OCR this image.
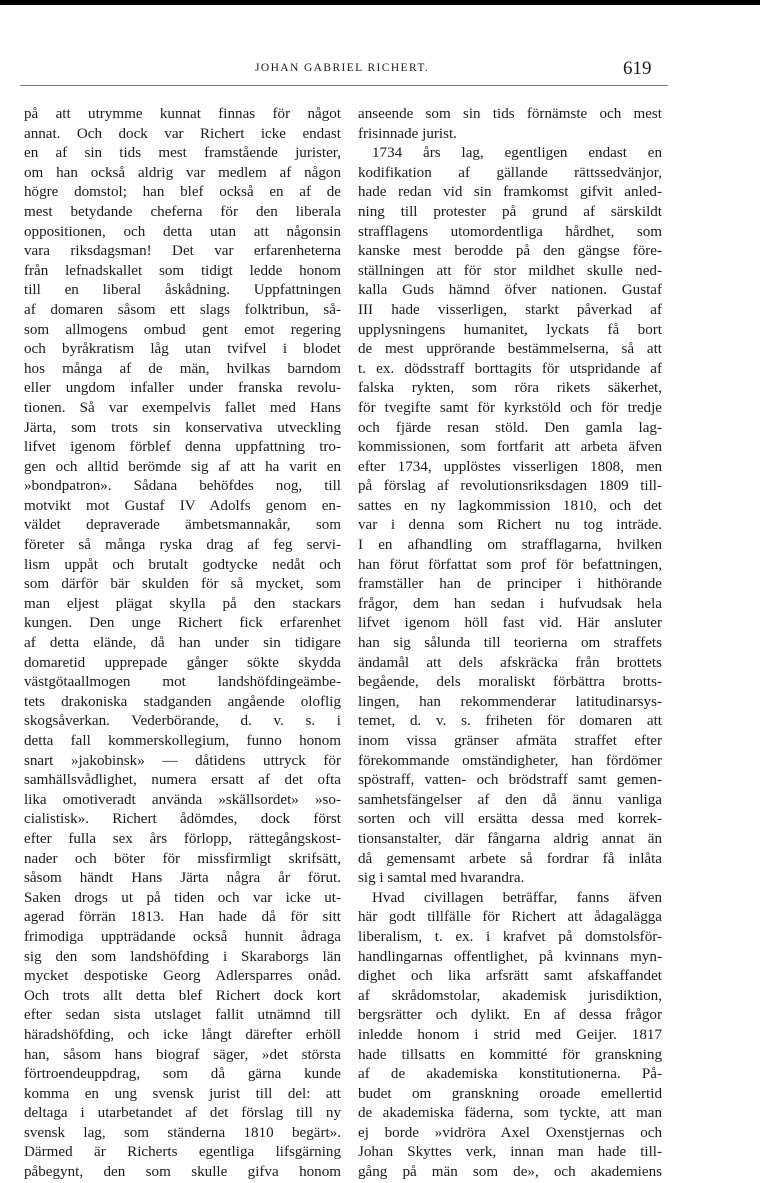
JOHAN GABRIEL RICHERT.	619

på att utrymme kunnat finnas för något

annat. Och dock var Richert icke endast

en af sin tids mest framstående jurister,

om han också aldrig var medlem af någon

högre domstol; han blef också en af de

mest betydande cheferna för den liberala

oppositionen, och detta utan att någonsin

vara riksdagsman! Det var erfarenheterna

från lefnadskallet som tidigt ledde honom

till en liberal åskådning. Uppfattningen

af domaren såsom ett slags folktribun, så-

som allmogens ombud gent emot regering

och byråkratism låg utan tvifvel i blodet

hos många af de män, hvilkas barndom

eller ungdom infaller under franska revolu-

tionen. Så var exempelvis fallet med Hans

Järta, som trots sin konservativa utveckling

lifvet igenom förblef denna uppfattning tro-

gen och alltid berömde sig af att ha varit en

»bondpatron». Sådana behöfdes nog, till

motvikt mot Gustaf IV Adolfs genom en-

väldet depraverade ämbetsmannakår, som

företer så många ryska drag af feg servi-

lism uppåt och brutalt godtycke nedåt och

som därför bär skulden för så mycket, som

man eljest plägat skylla på den stackars

kungen. Den unge Richert fick erfarenhet

af detta elände, då han under sin tidigare

domaretid upprepade gånger sökte skydda

västgötaallmogen mot landshöfdingeämbe-

tets drakoniska stadganden angående oloflig

skogsåverkan. Vederbörande, d. v. s. i

detta fall kommerskollegium, funno honom

snart »jakobinsk» — dåtidens uttryck för

samhällsvådlighet, numera ersatt af det ofta

lika omotiveradt använda »skällsordet» »so-

cialistisk». Richert ådömdes, dock först

efter fulla sex års förlopp, rättegångskost-

nader och böter för missfirmligt skrifsätt,

såsom händt Hans Järta några år förut.

Saken drogs ut på tiden och var icke ut-

agerad förrän 1813. Han hade då för sitt

frimodiga uppträdande också hunnit ådraga

sig den som landshöfding i Skaraborgs län

mycket despotiske Georg Adlersparres onåd.

Och trots allt detta blef Richert dock kort

efter sedan sista utslaget fallit utnämnd till

häradshöfding, och icke långt därefter erhöll

han, såsom hans biograf säger, »det största

förtroendeuppdrag, som då gärna kunde

komma en ung svensk jurist till del: att

deltaga i utarbetandet af det förslag till ny

svensk lag, som ständerna 1810 begärt».

Därmed är Richerts egentliga lifsgärning

påbegynt, den som skulle gifva honom

anseende som sin tids förnämste och mest

frisinnade jurist.

1734 års lag, egentligen endast en

kodifikation af gällande rättssedvänjor,

hade redan vid sin framkomst gifvit anled-

ning till protester på grund af särskildt

strafflagens utomordentliga hårdhet, som

kanske mest berodde på den gängse före-

ställningen att för stor mildhet skulle ned-

kalla Guds hämnd öfver nationen. Gustaf

III hade visserligen, starkt påverkad af

upplysningens humanitet, lyckats få bort

de mest upprörande bestämmelserna, så att

t. ex. dödsstraff borttagits för utspridande af

falska rykten, som röra rikets säkerhet,

för tvegifte samt för kyrkstöld och för tredje

och fjärde resan stöld. Den gamla lag-

kommissionen, som fortfarit att arbeta äfven

efter 1734, upplöstes visserligen 1808, men

på förslag af revolutionsriksdagen 1809 till-

sattes en ny lagkommission 1810, och det

var i denna som Richert nu tog inträde.

I en afhandling om strafflagarna, hvilken

han förut författat som prof för befattningen,

framställer han de principer i hithörande

frågor, dem han sedan i hufvudsak hela

lifvet igenom höll fast vid. Här ansluter

han sig sålunda till teorierna om straffets

ändamål att dels afskräcka från brottets

begående, dels moraliskt förbättra brotts-

lingen, han rekommenderar latitudinarsys-

temet, d. v. s. friheten för domaren att

inom vissa gränser afmäta straffet efter

förekommande omständigheter, han fördömer

spöstraff, vatten- och brödstraff samt gemen-

samhetsfängelser af den då ännu vanliga

sorten och vill ersätta dessa med korrek-

tionsanstalter, där fångarna aldrig annat än

då gemensamt arbete så fordrar få inlåta

sig i samtal med hvarandra.

Hvad civillagen beträffar, fanns äfven

här godt tillfälle för Richert att ådagalägga

liberalism, t. ex. i krafvet på domstolsför-

handlingarnas offentlighet, på kvinnans myn-

dighet och lika arfsrätt samt afskaffandet

af skrådomstolar, akademisk jurisdiktion,

bergsrätter och dylikt. En af dessa frågor

inledde honom i strid med Geijer. 1817

hade tillsatts en kommitté för granskning

af de akademiska konstitutionerna. På-

budet om granskning oroade emellertid

de akademiska fäderna, som tyckte, att man

ej borde »vidröra Axel Oxenstjernas och

Johan Skyttes verk, innan man hade till-

gång på män som de», och akademiens
